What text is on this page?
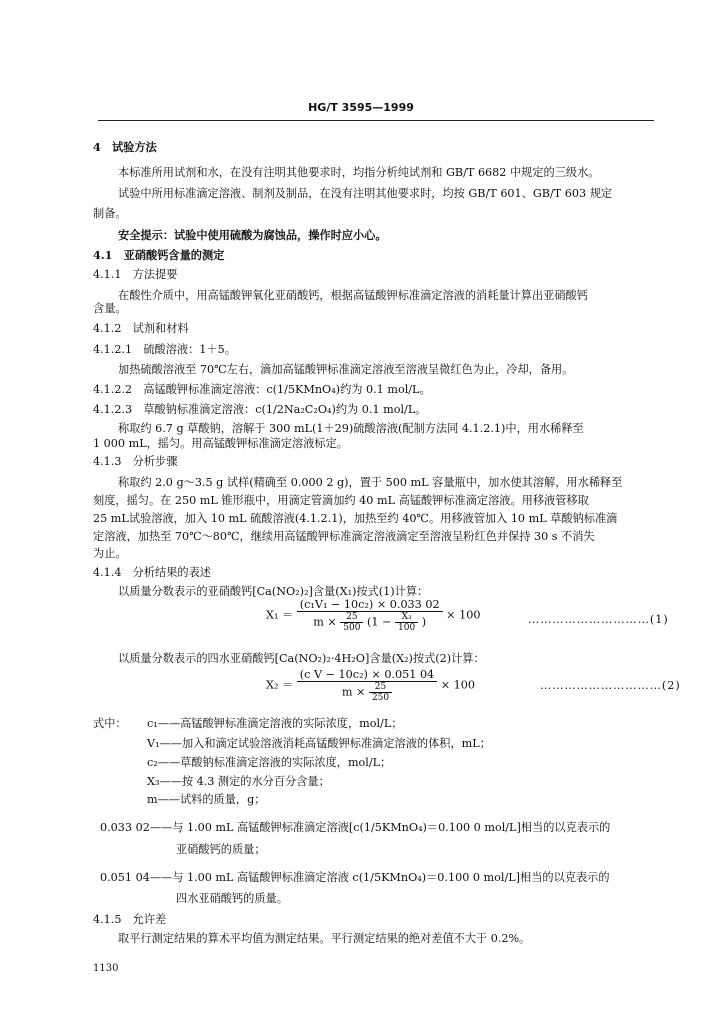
HG/T 3595—1999
4　试验方法
本标准所用试剂和水，在没有注明其他要求时，均指分析纯试剂和 GB/T 6682 中规定的三级水。
试验中所用标准滴定溶液、制剂及制品，在没有注明其他要求时，均按 GB/T 601、GB/T 603 规定
制备。
安全提示：试验中使用硫酸为腐蚀品，操作时应小心。
4.1　亚硝酸钙含量的测定
4.1.1　方法提要
在酸性介质中，用高锰酸钾氧化亚硝酸钙，根据高锰酸钾标准滴定溶液的消耗量计算出亚硝酸钙
含量。
4.1.2　试剂和材料
4.1.2.1　硫酸溶液：1＋5。
加热硫酸溶液至 70℃左右，滴加高锰酸钾标准滴定溶液至溶液呈微红色为止，冷却，备用。
4.1.2.2　高锰酸钾标准滴定溶液：c(1/5KMnO₄)约为 0.1 mol/L。
4.1.2.3　草酸钠标准滴定溶液：c(1/2Na₂C₂O₄)约为 0.1 mol/L。
称取约 6.7 g 草酸钠，溶解于 300 mL(1＋29)硫酸溶液(配制方法同 4.1.2.1)中，用水稀释至
1 000 mL，摇匀。用高锰酸钾标准滴定溶液标定。
4.1.3　分析步骤
称取约 2.0 g～3.5 g 试样(精确至 0.000 2 g)，置于 500 mL 容量瓶中，加水使其溶解，用水稀释至
刻度，摇匀。在 250 mL 锥形瓶中，用滴定管滴加约 40 mL 高锰酸钾标准滴定溶液。用移液管移取
25 mL试验溶液，加入 10 mL 硫酸溶液(4.1.2.1)，加热至约 40℃。用移液管加入 10 mL 草酸钠标准滴
定溶液，加热至 70℃～80℃，继续用高锰酸钾标准滴定溶液滴定至溶液呈粉红色并保持 30 s 不消失
为止。
4.1.4　分析结果的表述
以质量分数表示的亚硝酸钙[Ca(NO₂)₂]含量(X₁)按式(1)计算：
X₁ ＝
(c₁V₁ − 10c₂) × 0.033 02
$m \times \frac{25}{500} (1 - \frac{\text{X₃}}{100}$ )
× 100	…………………………(1)
以质量分数表示的四水亚硝酸钙[Ca(NO₂)₂·4H₂O]含量(X₂)按式(2)计算：
$X_2 = \frac{\text{(c V − 10c₂) × 0.051 04}}{m \times \frac{25}{250}} \times 100$	…………………………(2)
式中： c₁——高锰酸钾标准滴定溶液的实际浓度，mol/L；
V₁——加入和滴定试验溶液消耗高锰酸钾标准滴定溶液的体积，mL；
c₂——草酸钠标准滴定溶液的实际浓度，mol/L；
X₃——按 4.3 测定的水分百分含量；
m——试料的质量，g；
0.033 02——与 1.00 mL 高锰酸钾标准滴定溶液[c(1/5KMnO₄)＝0.100 0 mol/L]相当的以克表示的
亚硝酸钙的质量；
0.051 04——与 1.00 mL 高锰酸钾标准滴定溶液 c(1/5KMnO₄)＝0.100 0 mol/L]相当的以克表示的
四水亚硝酸钙的质量。
4.1.5　允许差
取平行测定结果的算术平均值为测定结果。平行测定结果的绝对差值不大于 0.2%。
1130
